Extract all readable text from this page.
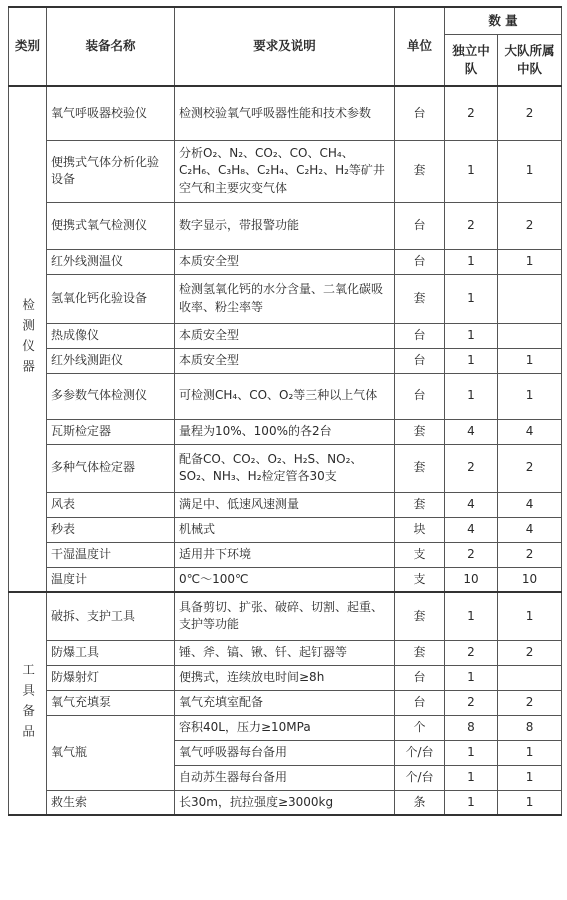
类别	装备名称	要求及说明	单位	数 量	
				独立中队	大队所属中队
检测仪器	氧气呼吸器校验仪	检测校验氧气呼吸器性能和技术参数	台	2	2
	便携式气体分析化验设备	分析O₂、N₂、CO₂、CO、CH₄、C₂H₆、C₃H₈、C₂H₄、C₂H₂、H₂等矿井空气和主要灾变气体	套	1	1
	便携式氧气检测仪	数字显示，带报警功能	台	2	2
	红外线测温仪	本质安全型	台	1	1
	氢氧化钙化验设备	检测氢氧化钙的水分含量、二氧化碳吸收率、粉尘率等	套	1	
	热成像仪	本质安全型	台	1	
	红外线测距仪	本质安全型	台	1	1
	多参数气体检测仪	可检测CH₄、CO、O₂等三种以上气体	台	1	1
	瓦斯检定器	量程为10%、100%的各2台	套	4	4
	多种气体检定器	配备CO、CO₂、O₂、H₂S、NO₂、SO₂、NH₃、H₂检定管各30支	套	2	2
	风表	满足中、低速风速测量	套	4	4
	秒表	机械式	块	4	4
	干湿温度计	适用井下环境	支	2	2
	温度计	0℃～100℃	支	10	10
工具备品	破拆、支护工具	具备剪切、扩张、破碎、切割、起重、支护等功能	套	1	1
	防爆工具	锤、斧、镐、锹、钎、起钉器等	套	2	2
	防爆射灯	便携式，连续放电时间≥8h	台	1	
	氧气充填泵	氧气充填室配备	台	2	2
	氧气瓶	容积40L，压力≥10MPa	个	8	8
		氧气呼吸器每台备用	个/台	1	1
		自动苏生器每台备用	个/台	1	1
	救生索	长30m，抗拉强度≥3000kg	条	1	1
